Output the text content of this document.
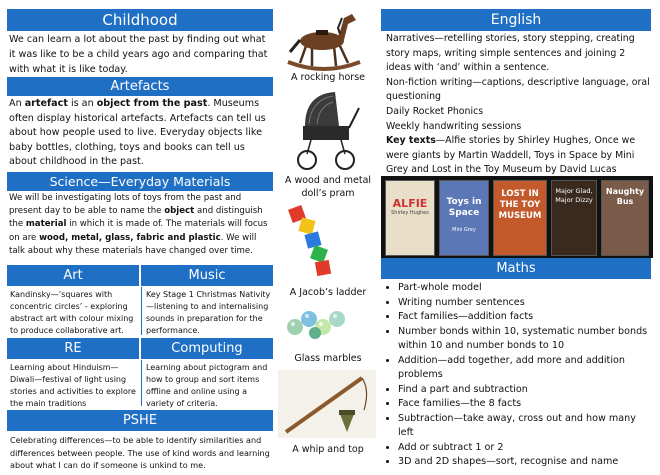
Childhood
We can learn a lot about the past by finding out what it was like to be a child years ago and comparing that with what it is like today.
Artefacts
An artefact is an object from the past. Museums often display historical artefacts. Artefacts can tell us about how people used to live. Everyday objects like baby bottles, clothing, toys and books can tell us about childhood in the past.
Science—Everyday Materials
We will be investigating lots of toys from the past and present day to be able to name the object and distinguish the material in which it is made of. The materials will focus on are wood, metal, glass, fabric and plastic. We will talk about why these materials have changed over time.
Art	Music
Kandinsky—‘squares with concentric circles’ - exploring abstract art with colour mixing to produce collaborative art.
Key Stage 1 Christmas Nativity—listening to and internalising sounds in preparation for the performance.
RE	Computing
Learning about Hinduism—Diwali—festival of light using stories and activities to explore the main traditions
Learning about pictogram and how to group and sort items offline and online using a variety of criteria.
PSHE
Celebrating differences—to be able to identify similarities and differences between people. The use of kind words and learning about what I can do if someone is unkind to me.
A rocking horse
A wood and metal doll’s pram
A Jacob’s ladder
Glass marbles
A whip and top
English
Narratives—retelling stories, story stepping, creating story maps, writing simple sentences and joining 2 ideas with ‘and’ within a sentence.
Non-fiction writing—captions, descriptive language, oral questioning
Daily Rocket Phonics
Weekly handwriting sessions
Key texts—Alfie stories by Shirley Hughes, Once we were giants by Martin Waddell, Toys in Space by Mini Grey and Lost in the Toy Museum by David Lucas
ALFIE
Shirley Hughes
Toys in Space
Mini Grey
LOST IN THE TOY MUSEUM
Major Glad, Major Dizzy
Naughty Bus
Maths
• Part-whole model
• Writing number sentences
• Fact families—addition facts
• Number bonds within 10, systematic number bonds within 10 and number bonds to 10
• Addition—add together, add more and addition problems
• Find a part and subtraction
• Face families—the 8 facts
• Subtraction—take away, cross out and how many left
• Add or subtract 1 or 2
• 3D and 2D shapes—sort, recognise and name
